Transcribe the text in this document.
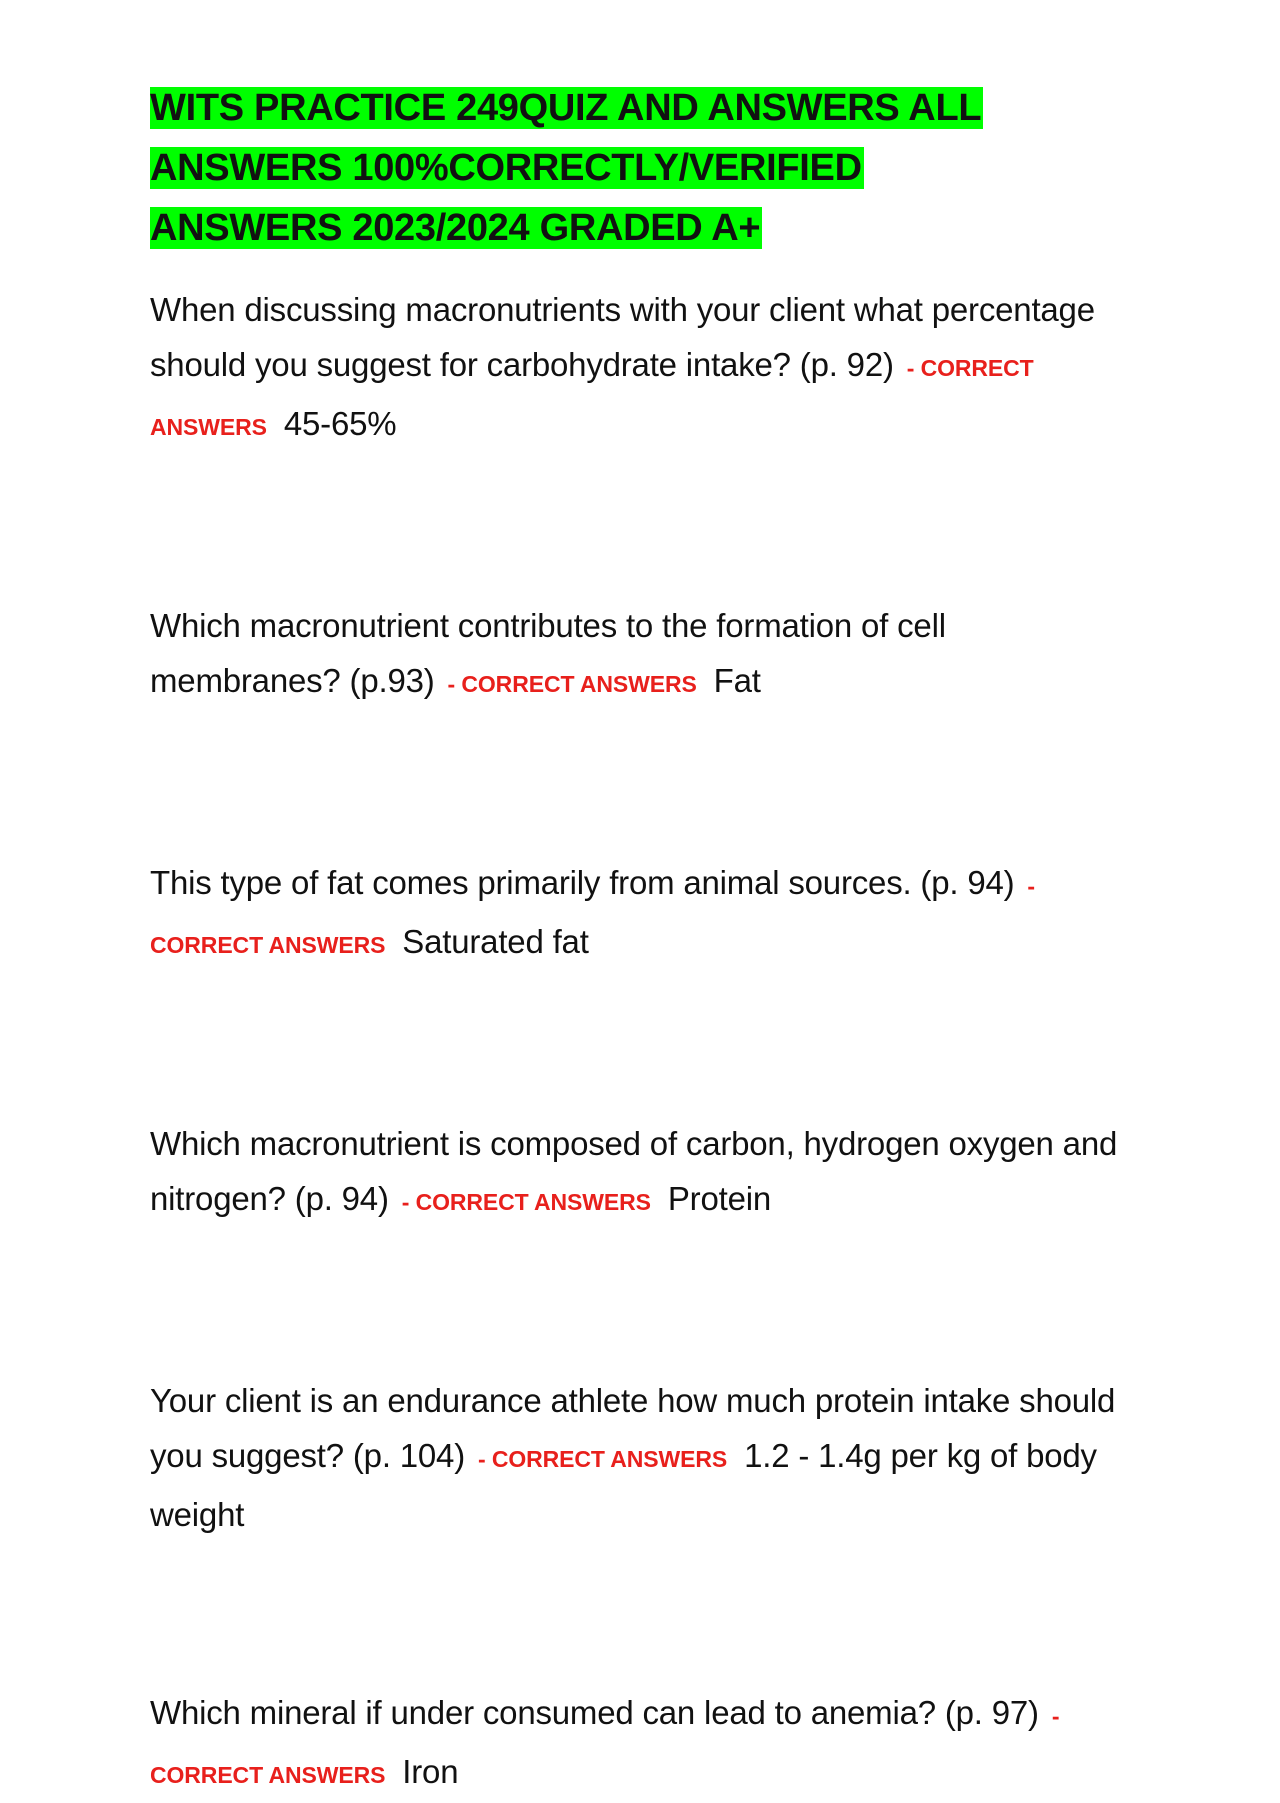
WITS PRACTICE 249QUIZ AND ANSWERS ALL
ANSWERS 100%CORRECTLY/VERIFIED
ANSWERS 2023/2024 GRADED A+
When discussing macronutrients with your client what percentage should you suggest for carbohydrate intake? (p. 92) - CORRECT ANSWERS 45-65%
Which macronutrient contributes to the formation of cell membranes? (p.93) - CORRECT ANSWERS Fat
This type of fat comes primarily from animal sources. (p. 94) - CORRECT ANSWERS Saturated fat
Which macronutrient is composed of carbon, hydrogen oxygen and nitrogen? (p. 94) - CORRECT ANSWERS Protein
Your client is an endurance athlete how much protein intake should you suggest? (p. 104) - CORRECT ANSWERS 1.2 - 1.4g per kg of body weight
Which mineral if under consumed can lead to anemia? (p. 97) - CORRECT ANSWERS Iron
